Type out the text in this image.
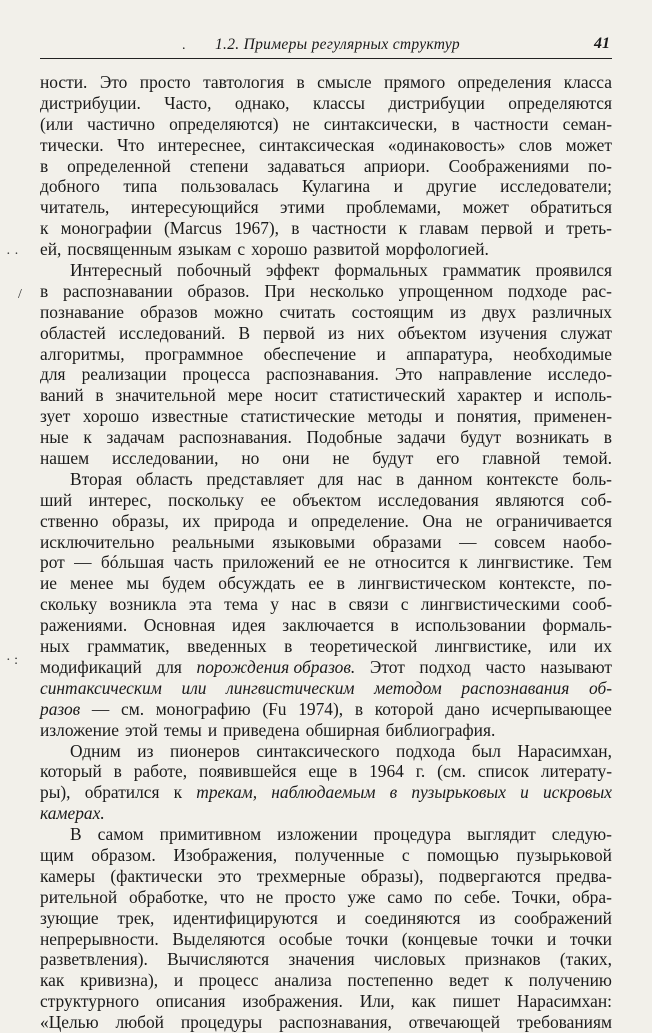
. 1.2. Примеры регулярных структур	41
· ·
/
· :
ности. Это просто тавтология в смысле прямого определения класса
дистрибуции. Часто, однако, классы дистрибуции определяются
(или частично определяются) не синтаксически, в частности семан-
тически. Что интереснее, синтаксическая «одинаковость» слов может
в определенной степени задаваться априори. Соображениями по-
добного типа пользовалась Кулагина и другие исследователи;
читатель, интересующийся этими проблемами, может обратиться
к монографии (Marcus 1967), в частности к главам первой и треть-
ей, посвященным языкам с хорошо развитой морфологией.
Интересный побочный эффект формальных грамматик проявился
в распознавании образов. При несколько упрощенном подходе рас-
познавание образов можно считать состоящим из двух различных
областей исследований. В первой из них объектом изучения служат
алгоритмы, программное обеспечение и аппаратура, необходимые
для реализации процесса распознавания. Это направление исследо-
ваний в значительной мере носит статистический характер и исполь-
зует хорошо известные статистические методы и понятия, применен-
ные к задачам распознавания. Подобные задачи будут возникать в
нашем исследовании, но они не будут его главной темой.
Вторая область представляет для нас в данном контексте боль-
ший интерес, поскольку ее объектом исследования являются соб-
ственно образы, их природа и определение. Она не ограничивается
исключительно реальными языковыми образами — совсем наобо-
рот — бóльшая часть приложений ее не относится к лингвистике. Тем
ие менее мы будем обсуждать ее в лингвистическом контексте, по-
скольку возникла эта тема у нас в связи с лингвистическими сооб-
ражениями. Основная идея заключается в использовании формаль-
ных грамматик, введенных в теоретической лингвистике, или их
модификаций для порождения образов. Этот подход часто называют
синтаксическим или лингвистическим методом распознавания об-
разов — см. монографию (Fu 1974), в которой дано исчерпывающее
изложение этой темы и приведена обширная библиография.
Одним из пионеров синтаксического подхода был Нарасимхан,
который в работе, появившейся еще в 1964 г. (см. список литерату-
ры), обратился к трекам, наблюдаемым в пузырьковых и искровых
камерах.
В самом примитивном изложении процедура выглядит следую-
щим образом. Изображения, полученные с помощью пузырьковой
камеры (фактически это трехмерные образы), подвергаются предва-
рительной обработке, что не просто уже само по себе. Точки, обра-
зующие трек, идентифицируются и соединяются из соображений
непрерывности. Выделяются особые точки (концевые точки и точки
разветвления). Вычисляются значения числовых признаков (таких,
как кривизна), и процесс анализа постепенно ведет к получению
структурного описания изображения. Или, как пишет Нарасимхан:
«Целью любой процедуры распознавания, отвечающей требованиям
